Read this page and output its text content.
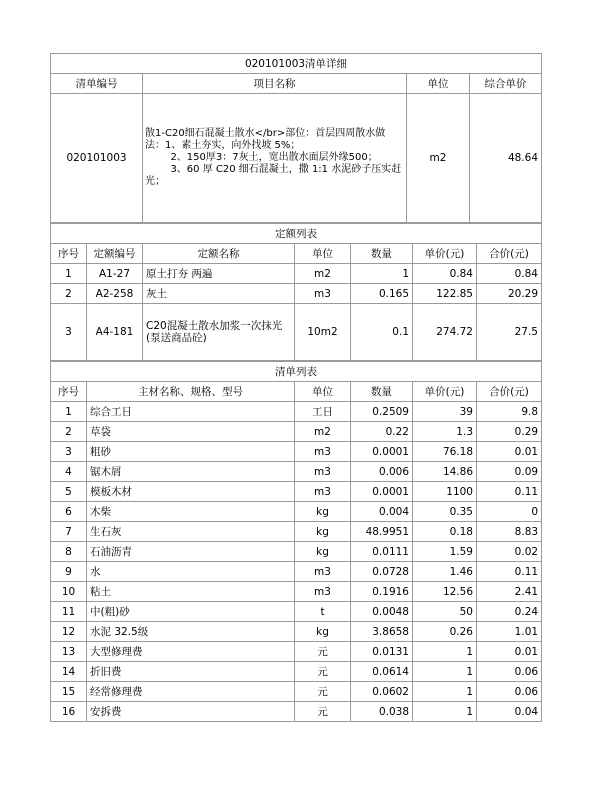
020101003清单详细			
清单编号	项目名称	单位	综合单价
020101003	散1-C20细石混凝土散水</br>部位：首层四周散水做法：1、素土夯实，向外找坡 5%；
2、150厚3：7灰土，宽出散水面层外缘500；
3、60 厚 C20 细石混凝土，撒 1:1 水泥砂子压实赶光；	m2	48.64
定额列表						
序号	定额编号	定额名称	单位	数量	单价(元)	合价(元)
1	A1-27	原土打夯 两遍	m2	1	0.84	0.84
2	A2-258	灰土	m3	0.165	122.85	20.29
3	A4-181	C20混凝土散水加浆一次抹光(泵送商品砼)	10m2	0.1	274.72	27.5
清单列表					
序号	主材名称、规格、型号	单位	数量	单价(元)	合价(元)
1	综合工日	工日	0.2509	39	9.8
2	草袋	m2	0.22	1.3	0.29
3	粗砂	m3	0.0001	76.18	0.01
4	锯木屑	m3	0.006	14.86	0.09
5	模板木材	m3	0.0001	1100	0.11
6	木柴	kg	0.004	0.35	0
7	生石灰	kg	48.9951	0.18	8.83
8	石油沥青	kg	0.0111	1.59	0.02
9	水	m3	0.0728	1.46	0.11
10	粘土	m3	0.1916	12.56	2.41
11	中(粗)砂	t	0.0048	50	0.24
12	水泥 32.5级	kg	3.8658	0.26	1.01
13	大型修理费	元	0.0131	1	0.01
14	折旧费	元	0.0614	1	0.06
15	经常修理费	元	0.0602	1	0.06
16	安拆费	元	0.038	1	0.04
